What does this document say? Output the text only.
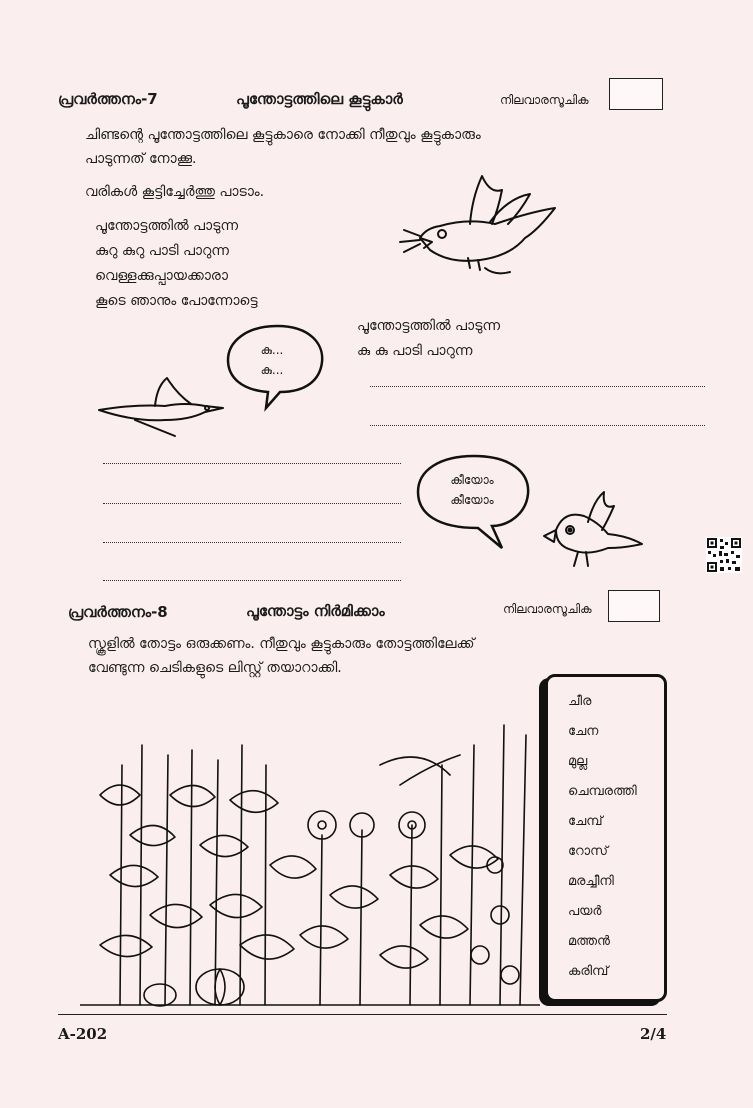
പ്രവർത്തനം-7	പൂന്തോട്ടത്തിലെ കൂട്ടുകാർ	നിലവാരസൂചിക
ചിണ്ടന്റെ പൂന്തോട്ടത്തിലെ കൂട്ടുകാരെ നോക്കി നീതുവും കൂട്ടുകാരും
പാടുന്നത് നോക്കൂ.
വരികൾ കൂട്ടിച്ചേർത്തു പാടാം.
പൂന്തോട്ടത്തിൽ പാടുന്ന
കുറു കുറു പാടി പാറുന്ന
വെള്ളക്കുപ്പായക്കാരാ
കൂടെ ഞാനും പോന്നോട്ടെ
കു...
കു...
പൂന്തോട്ടത്തിൽ പാടുന്ന
കു കു പാടി പാറുന്ന
കീയോം
കീയോം
പ്രവർത്തനം-8	പൂന്തോട്ടം നിർമിക്കാം	നിലവാരസൂചിക
സ്കൂളിൽ തോട്ടം ഒരുക്കണം. നീതുവും കൂട്ടുകാരും തോട്ടത്തിലേക്ക്
വേണ്ടുന്ന ചെടികളുടെ ലിസ്റ്റ് തയാറാക്കി.
ചീര
ചേന
മുല്ല
ചെമ്പരത്തി
ചേമ്പ്
റോസ്
മരച്ചീനി
പയർ
മത്തൻ
കരിമ്പ്
A-202	2/4
